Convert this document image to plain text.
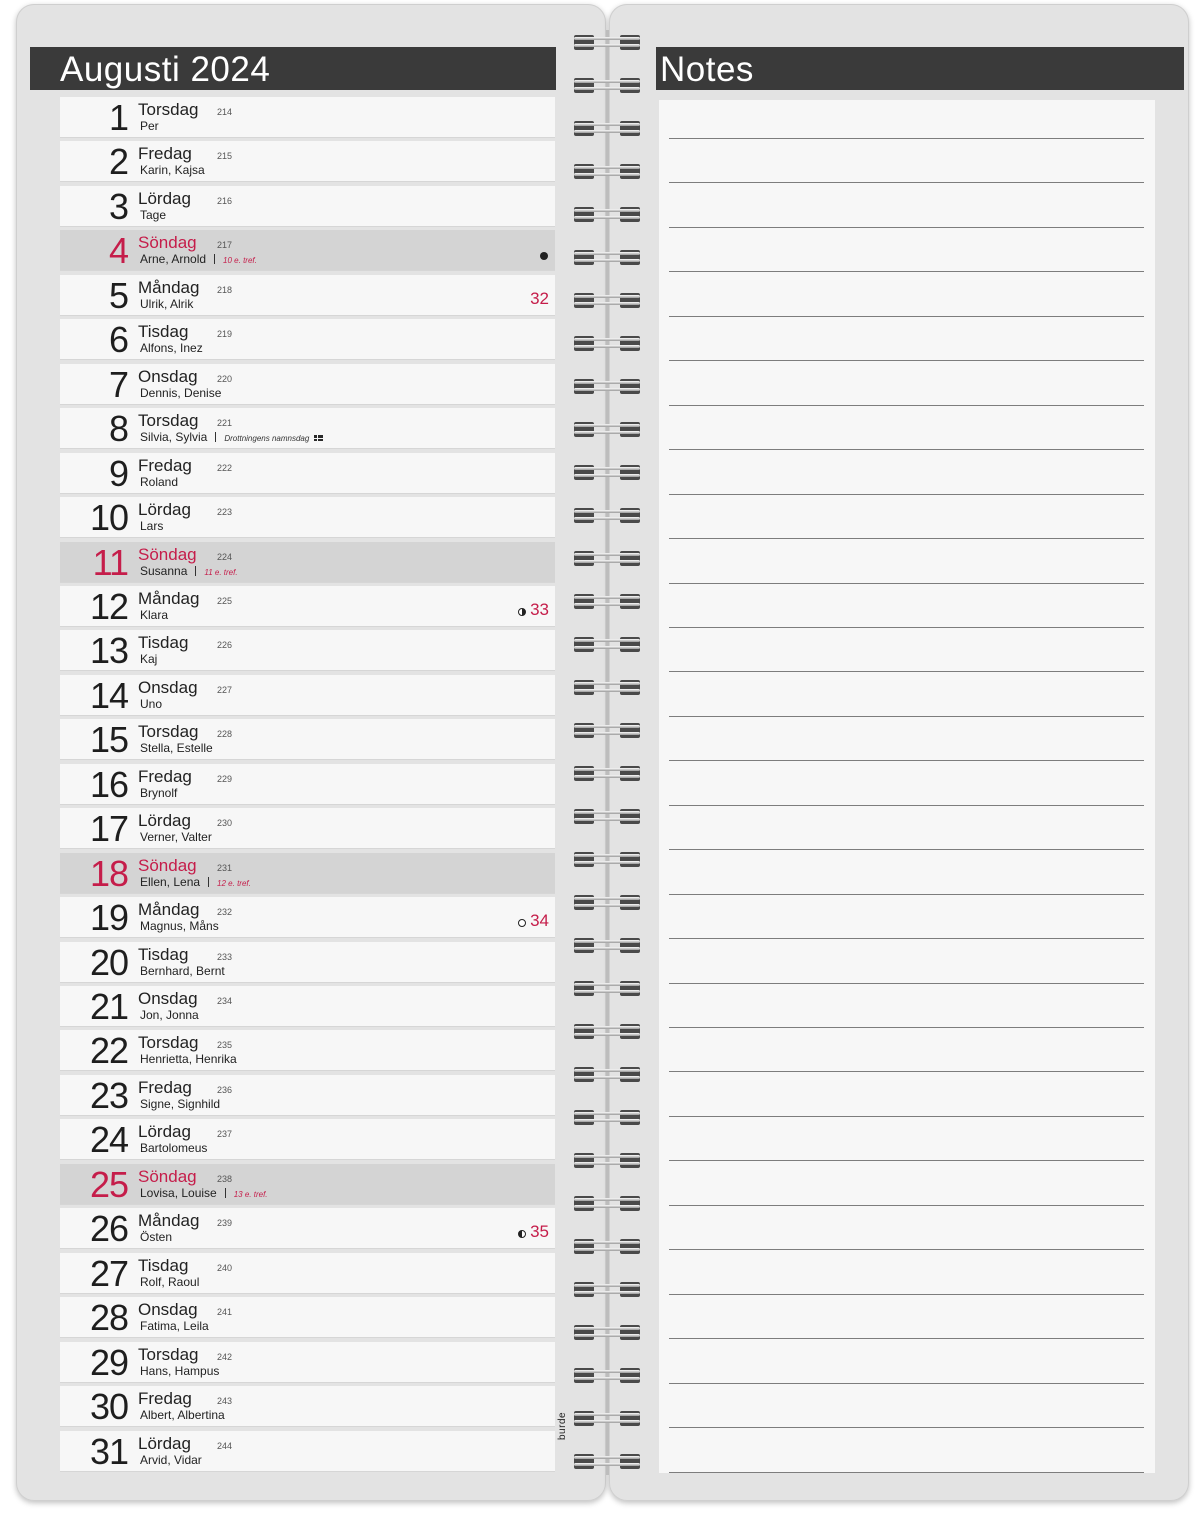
Augusti 2024	Notes
1 Torsdag 214
Per
2 Fredag	215
Karin, Kajsa
3 Lördag	216
Tage
4 Söndag 217
Arne, Arnold 10 e. tref.
5 Måndag 218
Ulrik, Alrik	32
6 Tisdag	219
Alfons, Inez
7 Onsdag 220
Dennis, Denise
8 Torsdag 221
Silvia, Sylvia Drottningens namnsdag
9 Fredag	222
Roland
10 Lördag	223
Lars
11 Söndag 224
Susanna 11 e. tref.
12 Måndag 225
Klara	33
13 Tisdag	226
Kaj
14 Onsdag 227
Uno
15 Torsdag 228
Stella, Estelle
16 Fredag	229
Brynolf
17 Lördag	230
Verner, Valter
18 Söndag 231
Ellen, Lena 12 e. tref.
19 Måndag 232
Magnus, Måns	34
20 Tisdag	233
Bernhard, Bernt
21 Onsdag 234
Jon, Jonna
22 Torsdag 235
Henrietta, Henrika
23 Fredag	236
Signe, Signhild
24 Lördag	237
Bartolomeus
25 Söndag 238
Lovisa, Louise 13 e. tref.
26 Måndag 239
Östen	35
27 Tisdag	240
Rolf, Raoul
28 Onsdag 241
Fatima, Leila
29 Torsdag 242
Hans, Hampus
30 Fredag	243
Albert, Albertina
31 Lördag	244
Arvid, Vidar
burde
